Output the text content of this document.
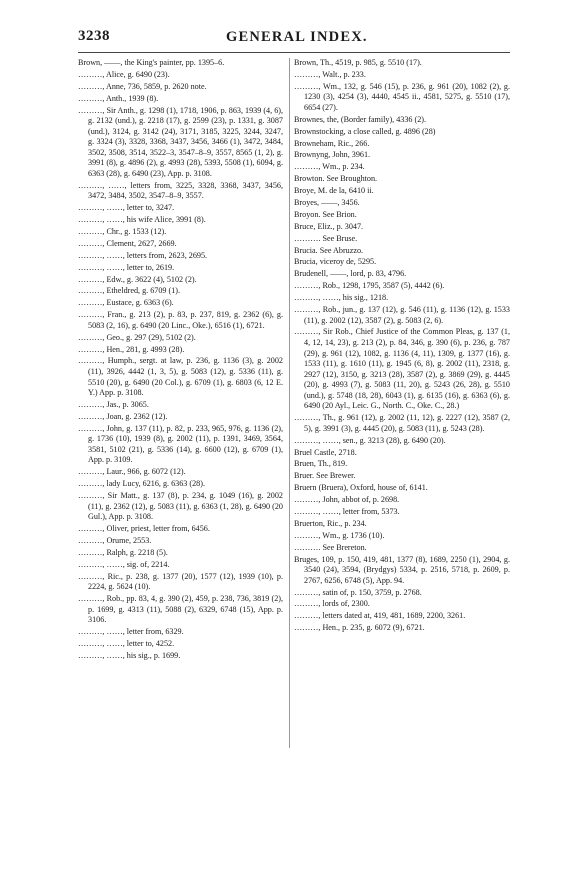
3238	GENERAL INDEX.

Brown, ——, the King's painter, pp. 1395–6.

………, Alice, g. 6490 (23).

………, Anne, 736, 5859, p. 2620 note.

………, Anth., 1939 (8).

………, Sir Anth., g. 1298 (1), 1718, 1906, p. 863, 1939 (4, 6), g. 2132 (und.), g. 2218 (17), g. 2599 (23), p. 1331, g. 3087 (und.), 3124, g. 3142 (24), 3171, 3185, 3225, 3244, 3247, g. 3324 (3), 3328, 3368, 3437, 3456, 3466 (1), 3472, 3484, 3502, 3508, 3514, 3522–3, 3547–8–9, 3557, 8565 (1, 2), g. 3991 (8), g. 4896 (2), g. 4993 (28), 5393, 5508 (1), 6094, g. 6363 (28), g. 6490 (23), App. p. 3108.

………, ……, letters from, 3225, 3328, 3368, 3437, 3456, 3472, 3484, 3502, 3547–8–9, 3557.

………, ……, letter to, 3247.

………, ……, his wife Alice, 3991 (8).

………, Chr., g. 1533 (12).

………, Clement, 2627, 2669.

………, ……, letters from, 2623, 2695.

………, ……, letter to, 2619.

………, Edw., g. 3622 (4), 5102 (2).

………, Etheldred, g. 6709 (1).

………, Eustace, g. 6363 (6).

………, Fran., g. 213 (2), p. 83, p. 237, 819, g. 2362 (6), g. 5083 (2, 16), g. 6490 (20 Linc., Oke.), 6516 (1), 6721.

………, Geo., g. 297 (29), 5102 (2).

………, Hen., 281, g. 4993 (28).

………, Humph., sergt. at law, p. 236, g. 1136 (3), g. 2002 (11), 3926, 4442 (1, 3, 5), g. 5083 (12), g. 5336 (11), g. 5510 (20), g. 6490 (20 Col.), g. 6709 (1), g. 6803 (6, 12 E. Y.) App. p. 3108.

………, Jas., p. 3065.

………, Joan, g. 2362 (12).

………, John, g. 137 (11), p. 82, p. 233, 965, 976, g. 1136 (2), g. 1736 (10), 1939 (8), g. 2002 (11), p. 1391, 3469, 3564, 3581, 5102 (21), g. 5336 (14), g. 6600 (12), g. 6709 (1), App. p. 3109.

………, Laur., 966, g. 6072 (12).

………, lady Lucy, 6216, g. 6363 (28).

………, Sir Matt., g. 137 (8), p. 234, g. 1049 (16), g. 2002 (11), g. 2362 (12), g. 5083 (11), g. 6363 (1, 28), g. 6490 (20 Gul.), App. p. 3108.

………, Oliver, priest, letter from, 6456.

………, Orume, 2553.

………, Ralph, g. 2218 (5).

………, ……, sig. of, 2214.

………, Ric., p. 238, g. 1377 (20), 1577 (12), 1939 (10), p. 2224, g. 5624 (10).

………, Rob., pp. 83, 4, g. 390 (2), 459, p. 238, 736, 3819 (2), p. 1699, g. 4313 (11), 5088 (2), 6329, 6748 (15), App. p. 3106.

………, ……, letter from, 6329.

………, ……, letter to, 4252.

………, ……, his sig., p. 1699.

Brown, Th., 4519, p. 985, g. 5510 (17).

………, Walt., p. 233.

………, Wm., 132, g. 546 (15), p. 236, g. 961 (20), 1082 (2), g. 1230 (3), 4254 (3), 4440, 4545 ii., 4581, 5275, g. 5510 (17), 6654 (27).

Brownes, the, (Border family), 4336 (2).

Brownstocking, a close called, g. 4896 (28)

Browneham, Ric., 266.

Brownyng, John, 3961.

………, Wm., p. 234.

Browton. See Broughton.

Broye, M. de la, 6410 ii.

Broyes, ——, 3456.

Broyon. See Brion.

Bruce, Eliz., p. 3047.

………. See Bruse.

Brucia. See Abruzzo.

Brucia, viceroy de, 5295.

Brudenell, ——, lord, p. 83, 4796.

………, Rob., 1298, 1795, 3587 (5), 4442 (6).

………, ……, his sig., 1218.

………, Rob., jun., g. 137 (12), g. 546 (11), g. 1136 (12), g. 1533 (11), g. 2002 (12), 3587 (2), g. 5083 (2, 6).

………, Sir Rob., Chief Justice of the Common Pleas, g. 137 (1, 4, 12, 14, 23), g. 213 (2), p. 84, 346, g. 390 (6), p. 236, g. 787 (29), g. 961 (12), 1082, g. 1136 (4, 11), 1309, g. 1377 (16), g. 1533 (11), g. 1610 (11), g. 1945 (6, 8), g. 2002 (11), 2318, g. 2927 (12), 3150, g. 3213 (28), 3587 (2), g. 3869 (29), g. 4445 (20), g. 4993 (7), g. 5083 (11, 20), g. 5243 (26, 28), g. 5510 (und.), g. 5748 (18, 28), 6043 (1), g. 6135 (16), g. 6363 (6), g. 6490 (20 Ayl., Leic. G., North. C., Oke. C., 28.)

………, Th., g. 961 (12), g. 2002 (11, 12), g. 2227 (12), 3587 (2, 5), g. 3991 (3), g. 4445 (20), g. 5083 (11), g. 5243 (28).

………, ……, sen., g. 3213 (28), g. 6490 (20).

Bruel Castle, 2718.

Bruen, Th., 819.

Bruer. See Brewer.

Bruern (Bruera), Oxford, house of, 6141.

………, John, abbot of, p. 2698.

………, ……, letter from, 5373.

Bruerton, Ric., p. 234.

………, Wm., g. 1736 (10).

………. See Brereton.

Bruges, 109, p. 150, 419, 481, 1377 (8), 1689, 2250 (1), 2904, g. 3540 (24), 3594, (Brydgys) 5334, p. 2516, 5718, p. 2609, p. 2767, 6256, 6748 (5), App. 94.

………, satin of, p. 150, 3759, p. 2768.

………, lords of, 2300.

………, letters dated at, 419, 481, 1689, 2200, 3261.

………, Hen., p. 235, g. 6072 (9), 6721.
